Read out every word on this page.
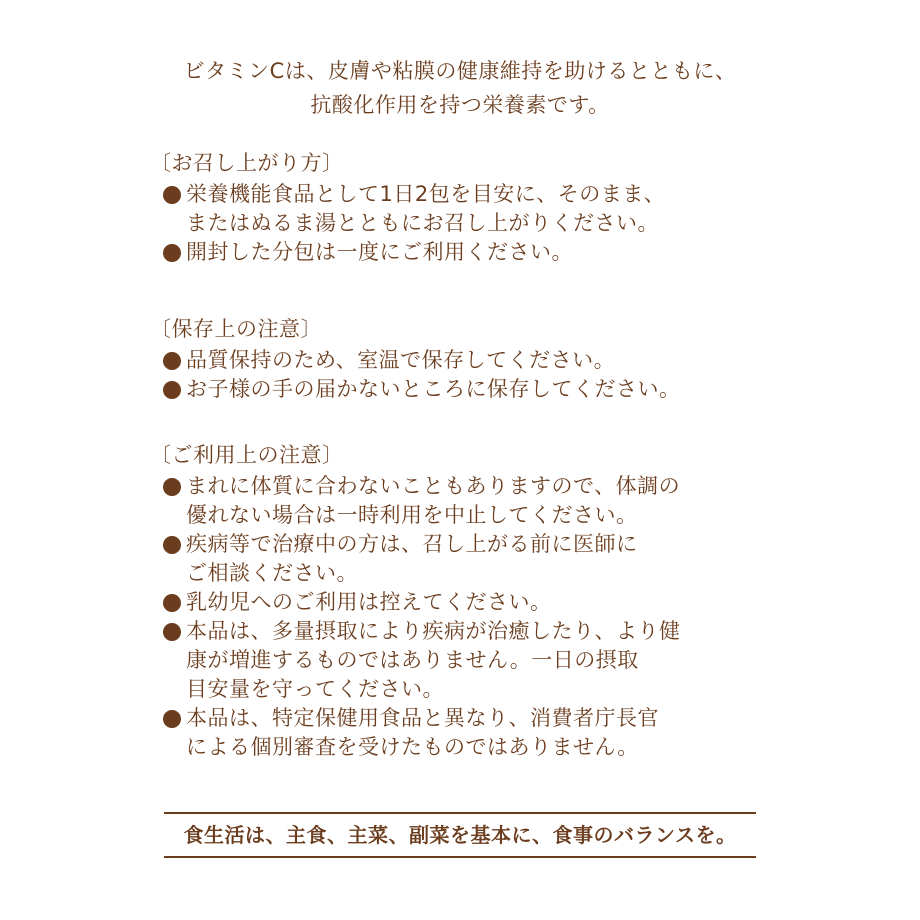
ビタミンCは、皮膚や粘膜の健康維持を助けるとともに、

抗酸化作用を持つ栄養素です。

〔お召し上がり方〕

栄養機能食品として1日2包を目安に、そのまま、
またはぬるま湯とともにお召し上がりください。
開封した分包は一度にご利用ください。

〔保存上の注意〕

品質保持のため、室温で保存してください。
お子様の手の届かないところに保存してください。

〔ご利用上の注意〕

まれに体質に合わないこともありますので、体調の
優れない場合は一時利用を中止してください。
疾病等で治療中の方は、召し上がる前に医師に
ご相談ください。
乳幼児へのご利用は控えてください。
本品は、多量摂取により疾病が治癒したり、より健
康が増進するものではありません。一日の摂取
目安量を守ってください。
本品は、特定保健用食品と異なり、消費者庁長官
による個別審査を受けたものではありません。
食生活は、主食、主菜、副菜を基本に、食事のバランスを。
